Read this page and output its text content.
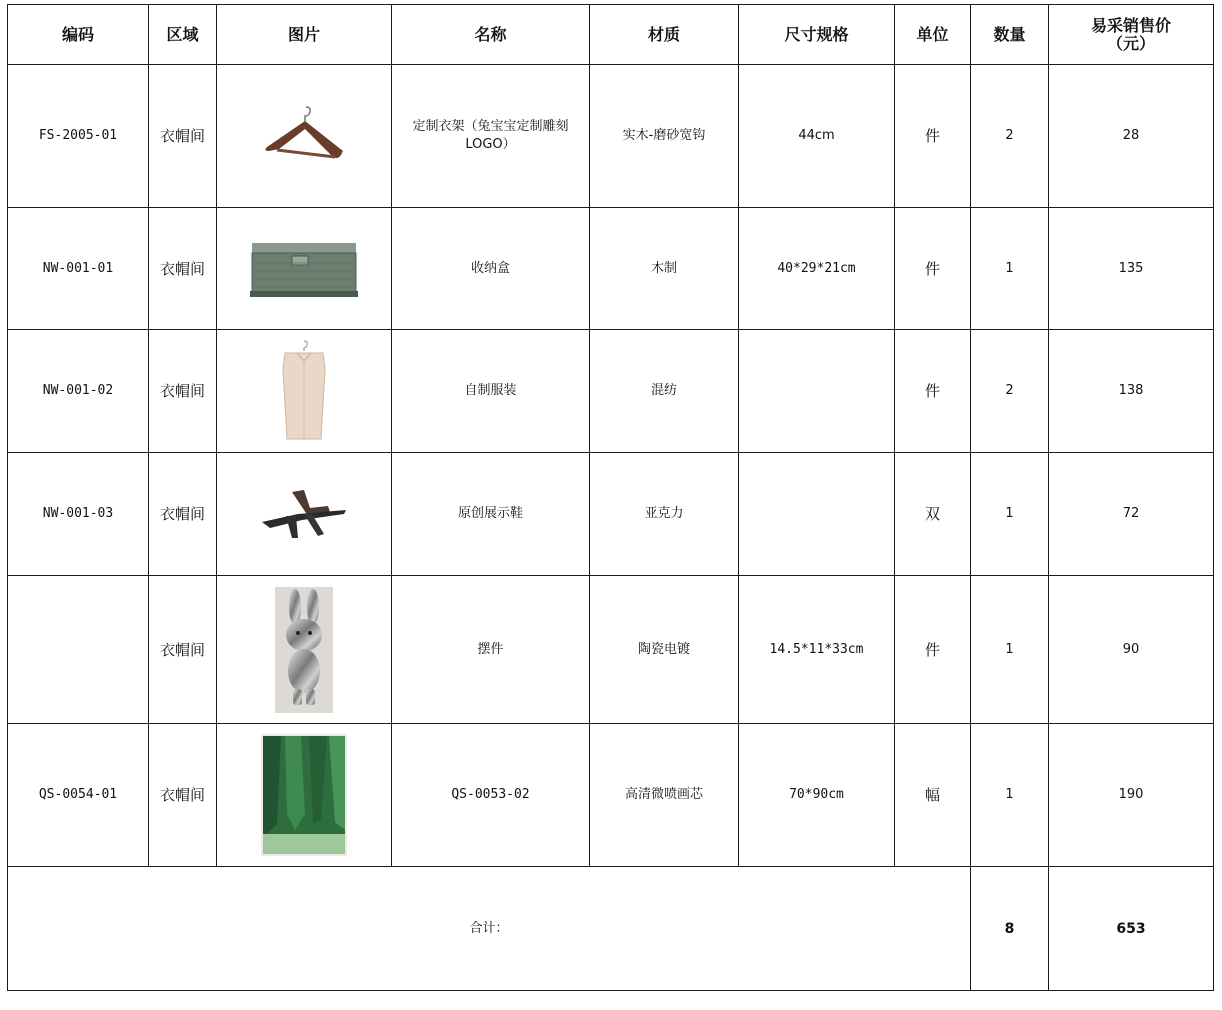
编码	区域	图片	名称	材质	尺寸规格	单位	数量	易采销售价
（元）
FS-2005-01	衣帽间		定制衣架（兔宝宝定制雕刻LOGO）	实木-磨砂宽钩	44cm	件	2	28
NW-001-01	衣帽间		收纳盒	木制	40*29*21cm	件	1	135
NW-001-02	衣帽间		自制服装	混纺		件	2	138
NW-001-03	衣帽间		原创展示鞋	亚克力		双	1	72
	衣帽间		摆件	陶瓷电镀	14.5*11*33cm	件	1	90
QS-0054-01	衣帽间		QS-0053-02	高清微喷画芯	70*90cm	幅	1	190
合计：							8	653
